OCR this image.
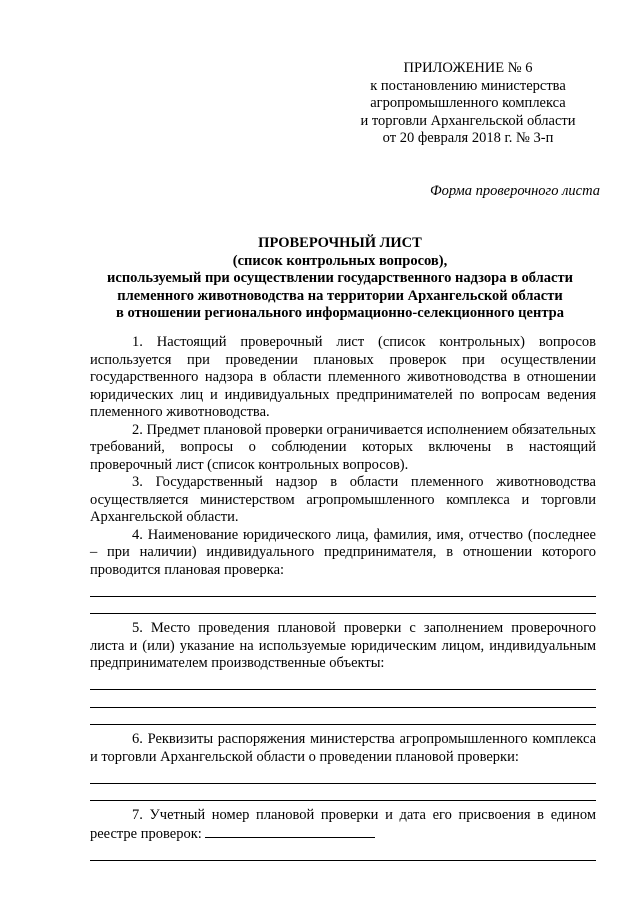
ПРИЛОЖЕНИЕ № 6
к постановлению министерства
агропромышленного комплекса
и торговли Архангельской области
от 20 февраля 2018 г. № 3-п
Форма проверочного листа
ПРОВЕРОЧНЫЙ ЛИСТ
(список контрольных вопросов),
используемый при осуществлении государственного надзора в области
племенного животноводства на территории Архангельской области
в отношении регионального информационно-селекционного центра

1. Настоящий проверочный лист (список контрольных) вопросов используется при проведении плановых проверок при осуществлении государственного надзора в области племенного животноводства в отношении юридических лиц и индивидуальных предпринимателей по вопросам ведения племенного животноводства.

2. Предмет плановой проверки ограничивается исполнением обязательных требований, вопросы о соблюдении которых включены в настоящий проверочный лист (список контрольных вопросов).

3. Государственный надзор в области племенного животноводства осуществляется министерством агропромышленного комплекса и торговли Архангельской области.

4. Наименование юридического лица, фамилия, имя, отчество (последнее – при наличии) индивидуального предпринимателя, в отношении которого проводится плановая проверка:

5. Место проведения плановой проверки с заполнением проверочного листа и (или) указание на используемые юридическим лицом, индивидуальным предпринимателем производственные объекты:

6. Реквизиты распоряжения министерства агропромышленного комплекса и торговли Архангельской области о проведении плановой проверки:

7. Учетный номер плановой проверки и дата его присвоения в едином реестре проверок:
